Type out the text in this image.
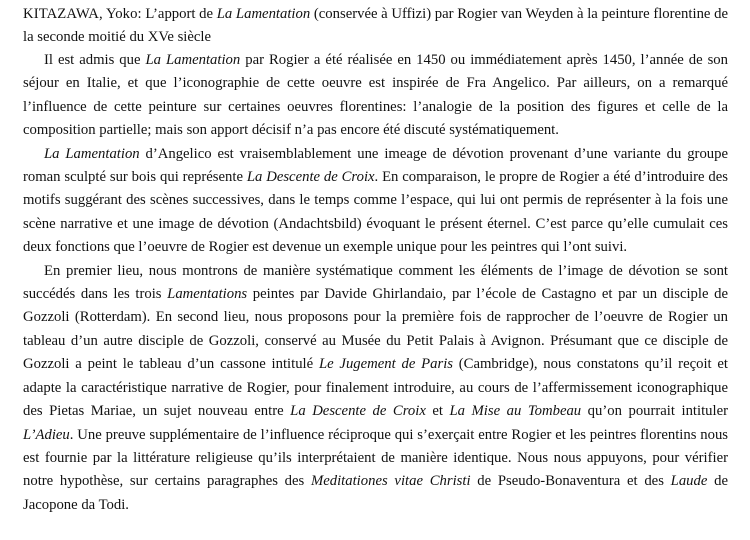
KITAZAWA, Yoko: L’apport de La Lamentation (conservée à Uffizi) par Rogier van Weyden à la peinture florentine de la seconde moitié du XVe siècle

Il est admis que La Lamentation par Rogier a été réalisée en 1450 ou immédiatement après 1450, l’année de son séjour en Italie, et que l’iconographie de cette oeuvre est inspirée de Fra Angelico. Par ailleurs, on a remarqué l’influence de cette peinture sur certaines oeuvres florentines: l’analogie de la position des figures et celle de la composition partielle; mais son apport décisif n’a pas encore été discuté systématiquement.

La Lamentation d’Angelico est vraisemblablement une imeage de dévotion provenant d’une variante du groupe roman sculpté sur bois qui représente La Descente de Croix. En comparaison, le propre de Rogier a été d’introduire des motifs suggérant des scènes successives, dans le temps comme l’espace, qui lui ont permis de représenter à la fois une scène narrative et une image de dévotion (Andachtsbild) évoquant le présent éternel. C’est parce qu’elle cumulait ces deux fonctions que l’oeuvre de Rogier est devenue un exemple unique pour les peintres qui l’ont suivi.

En premier lieu, nous montrons de manière systématique comment les éléments de l’image de dévotion se sont succédés dans les trois Lamentations peintes par Davide Ghirlandaio, par l’école de Castagno et par un disciple de Gozzoli (Rotterdam). En second lieu, nous proposons pour la première fois de rapprocher de l’oeuvre de Rogier un tableau d’un autre disciple de Gozzoli, conservé au Musée du Petit Palais à Avignon. Présumant que ce disciple de Gozzoli a peint le tableau d’un cassone intitulé Le Jugement de Paris (Cambridge), nous constatons qu’il reçoit et adapte la caractéristique narrative de Rogier, pour finalement introduire, au cours de l’affermissement iconographique des Pietas Mariae, un sujet nouveau entre La Descente de Croix et La Mise au Tombeau qu’on pourrait intituler L’Adieu. Une preuve supplémentaire de l’influence réciproque qui s’exerçait entre Rogier et les peintres florentins nous est fournie par la littérature religieuse qu’ils interprétaient de manière identique. Nous nous appuyons, pour vérifier notre hypothèse, sur certains paragraphes des Meditationes vitae Christi de Pseudo-Bonaventura et des Laude de Jacopone da Todi.
